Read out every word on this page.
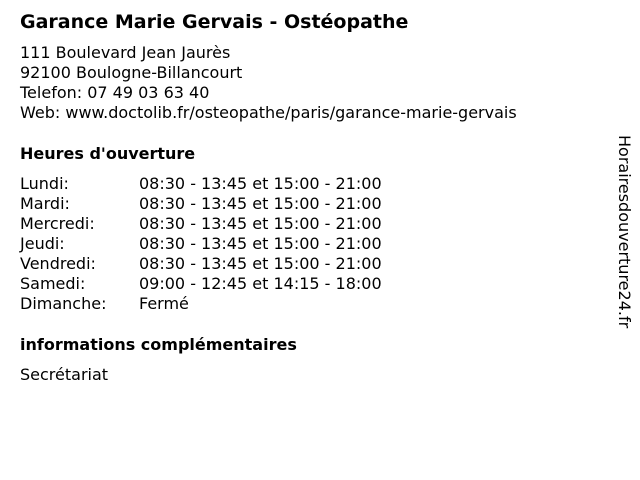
Garance Marie Gervais - Ostéopathe
111 Boulevard Jean Jaurès
92100 Boulogne-Billancourt
Telefon: 07 49 03 63 40
Web: www.doctolib.fr/osteopathe/paris/garance-marie-gervais
Heures d'ouverture
Lundi:	08:30 - 13:45 et 15:00 - 21:00
Mardi:	08:30 - 13:45 et 15:00 - 21:00
Mercredi:	08:30 - 13:45 et 15:00 - 21:00
Jeudi:	08:30 - 13:45 et 15:00 - 21:00
Vendredi:	08:30 - 13:45 et 15:00 - 21:00
Samedi:	09:00 - 12:45 et 14:15 - 18:00
Dimanche:	Fermé
informations complémentaires
Secrétariat
Horairesdouverture24.fr
